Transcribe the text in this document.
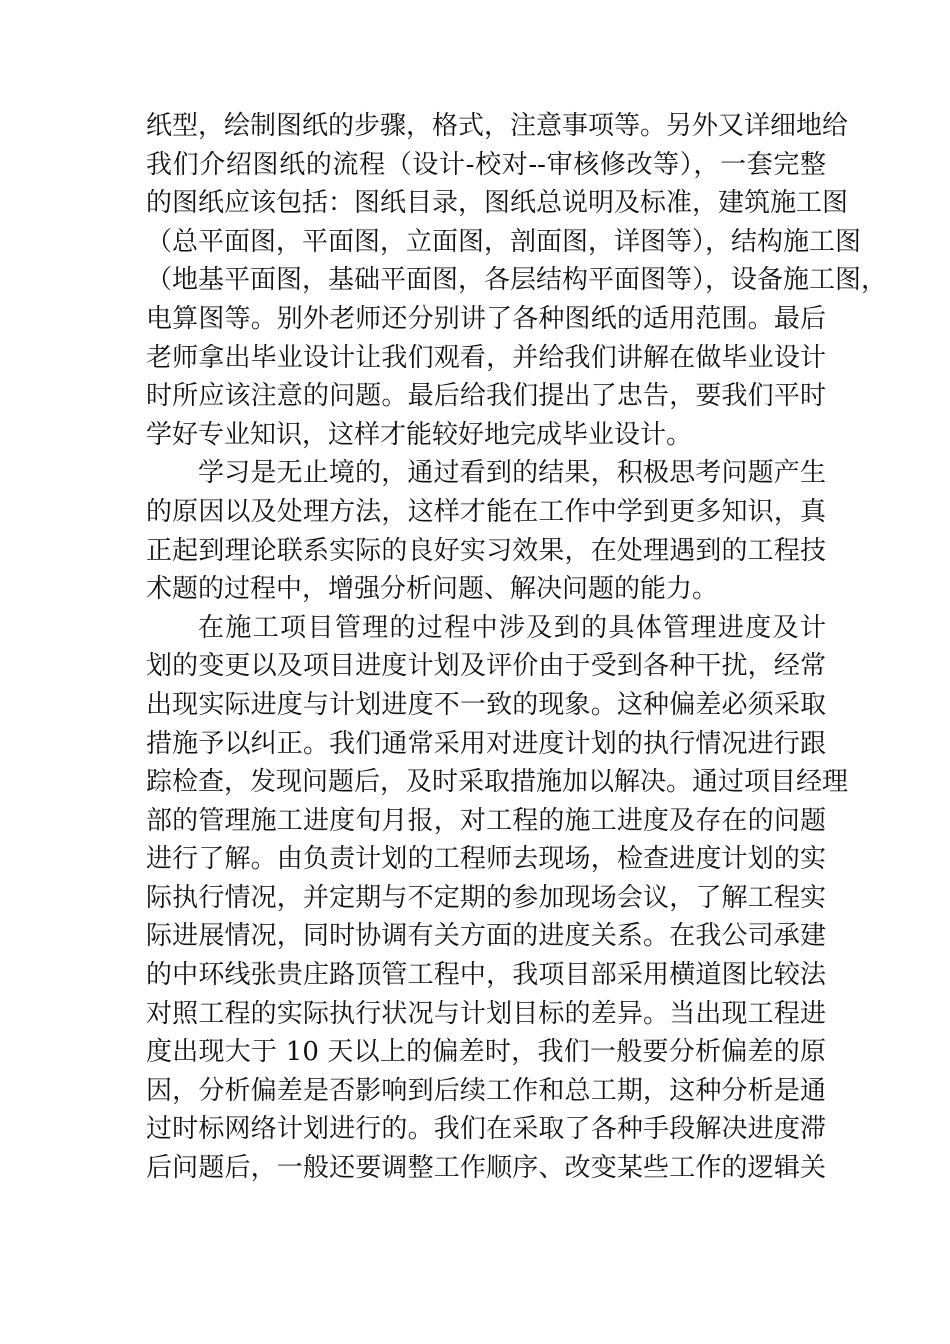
纸型，绘制图纸的步骤，格式，注意事项等。另外又详细地给
我们介绍图纸的流程（设计-校对--审核修改等），一套完整
的图纸应该包括：图纸目录，图纸总说明及标准，建筑施工图
（总平面图，平面图，立面图，剖面图，详图等），结构施工图
（地基平面图，基础平面图，各层结构平面图等），设备施工图，
电算图等。别外老师还分别讲了各种图纸的适用范围。最后
老师拿出毕业设计让我们观看，并给我们讲解在做毕业设计
时所应该注意的问题。最后给我们提出了忠告，要我们平时
学好专业知识，这样才能较好地完成毕业设计。
学习是无止境的，通过看到的结果，积极思考问题产生
的原因以及处理方法，这样才能在工作中学到更多知识，真
正起到理论联系实际的良好实习效果，在处理遇到的工程技
术题的过程中，增强分析问题、解决问题的能力。
在施工项目管理的过程中涉及到的具体管理进度及计
划的变更以及项目进度计划及评价由于受到各种干扰，经常
出现实际进度与计划进度不一致的现象。这种偏差必须采取
措施予以纠正。我们通常采用对进度计划的执行情况进行跟
踪检查，发现问题后，及时采取措施加以解决。通过项目经理
部的管理施工进度旬月报，对工程的施工进度及存在的问题
进行了解。由负责计划的工程师去现场，检查进度计划的实
际执行情况，并定期与不定期的参加现场会议，了解工程实
际进展情况，同时协调有关方面的进度关系。在我公司承建
的中环线张贵庄路顶管工程中，我项目部采用横道图比较法
对照工程的实际执行状况与计划目标的差异。当出现工程进
度出现大于 10 天以上的偏差时，我们一般要分析偏差的原
因，分析偏差是否影响到后续工作和总工期，这种分析是通
过时标网络计划进行的。我们在采取了各种手段解决进度滞
后问题后，一般还要调整工作顺序、改变某些工作的逻辑关
